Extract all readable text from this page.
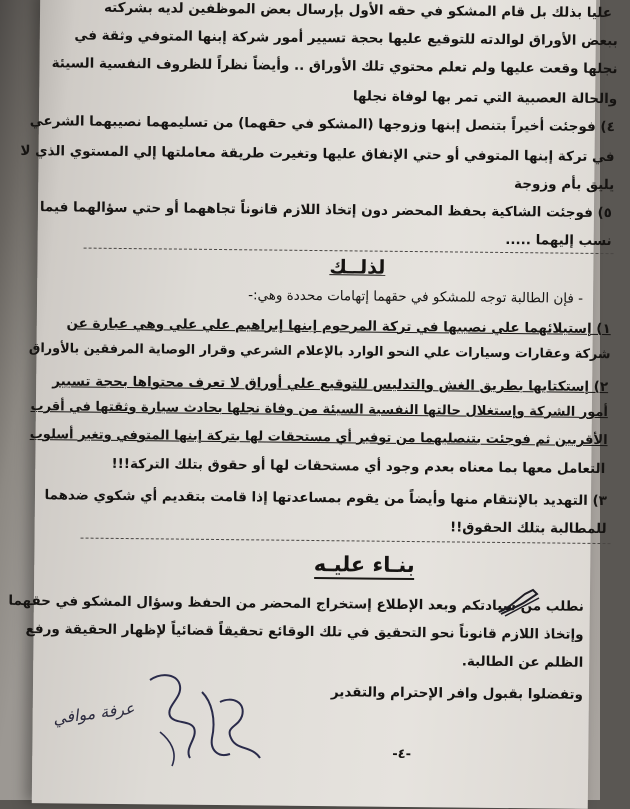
عليا بذلك بل قام المشكو في حقه الأول بإرسال بعض الموظفين لديه بشركته
ببعض الأوراق لوالدته للتوقيع عليها بحجة تسيير أمور شركة إبنها المتوفي وثقة في
نجلها وقعت عليها ولم تعلم محتوي تلك الأوراق .. وأيضاً نظراً للظروف النفسية السيئة
والحالة العصبية التي تمر بها لوفاة نجلها
٤) فوجئت أخيراً بتنصل إبنها وزوجها (المشكو في حقهما) من تسليمهما نصيبهما الشرعي
في تركة إبنها المتوفي أو حتي الإنفاق عليها وتغيرت طريقة معاملتها إلي المستوي الذي لا
يليق بأم وزوجة
٥) فوجئت الشاكية بحفظ المحضر دون إتخاذ اللازم قانوناً تجاههما أو حتي سؤالهما فيما
نسب إليهما .....
لذلــك
- فإن الطالبة توجه للمشكو في حقهما إتهامات محددة وهي:-
١) إستيلائهما علي نصيبها في تركة المرحوم إبنها إبراهيم علي علي وهي عبارة عن
شركة وعقارات وسيارات علي النحو الوارد بالإعلام الشرعي وقرار الوصاية المرفقين بالأوراق
٢) إستكتابها بطريق الغش والتدليس للتوقيع علي أوراق لا تعرف محتواها بحجة تسيير
أمور الشركة وإستغلال حالتها النفسية السيئة من وفاة نجلها بحادث سيارة وثقتها في أقرب
الأقربين ثم فوجئت بتنصليهما من توفير أي مستحقات لها بتركة إبنها المتوفي وتغير أسلوب
التعامل معها بما معناه بعدم وجود أي مستحقات لها أو حقوق بتلك التركة!!!
٣) التهديد بالإنتقام منها وأيضاً من يقوم بمساعدتها إذا قامت بتقديم أي شكوي ضدهما
للمطالبة بتلك الحقوق!!
بنـاء عليـه
نطلب من سيادتكم وبعد الإطلاع إستخراج المحضر من الحفظ وسؤال المشكو في حقهما
وإتخاذ اللازم قانوناً نحو التحقيق في تلك الوقائع تحقيقاً قضائياً لإظهار الحقيقة ورفع
الظلم عن الطالبة.
وتفضلوا بقبول وافر الإحترام والتقدير
-٤-
عرفة موافي
